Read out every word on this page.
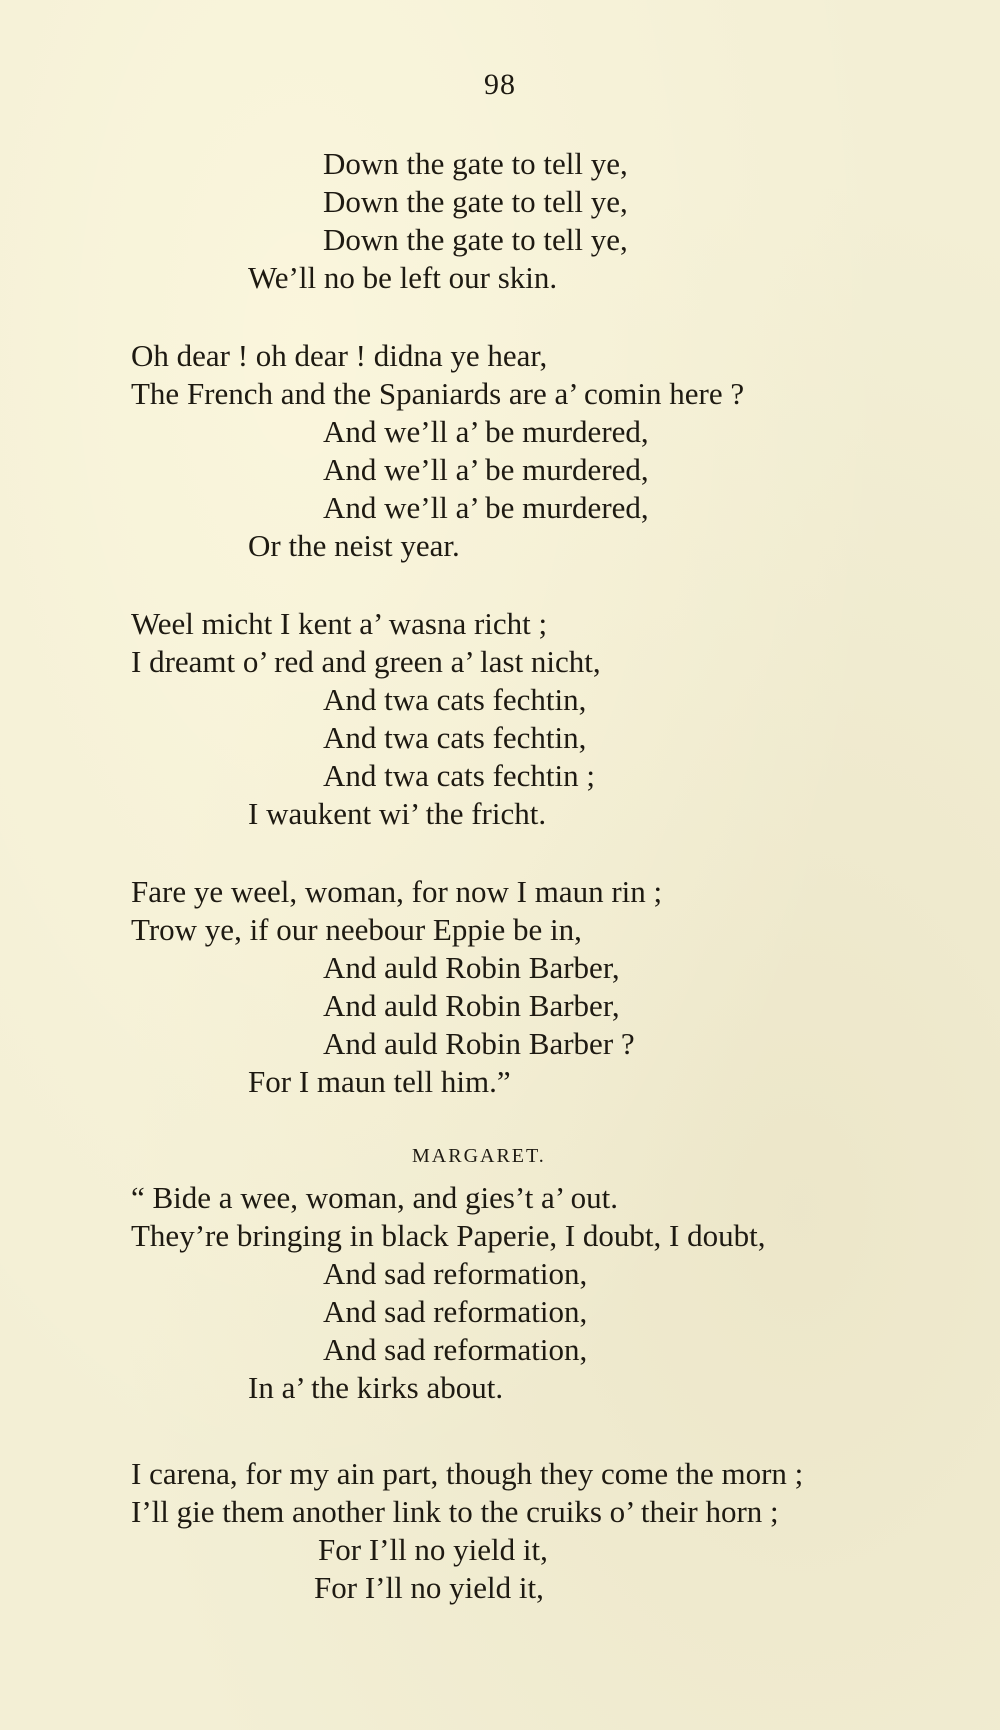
98
Down the gate to tell ye,
Down the gate to tell ye,
Down the gate to tell ye,
We’ll no be left our skin.
Oh dear ! oh dear ! didna ye hear,
The French and the Spaniards are a’ comin here ?
And we’ll a’ be murdered,
And we’ll a’ be murdered,
And we’ll a’ be murdered,
Or the neist year.
Weel micht I kent a’ wasna richt ;
I dreamt o’ red and green a’ last nicht,
And twa cats fechtin,
And twa cats fechtin,
And twa cats fechtin ;
I waukent wi’ the fricht.
Fare ye weel, woman, for now I maun rin ;
Trow ye, if our neebour Eppie be in,
And auld Robin Barber,
And auld Robin Barber,
And auld Robin Barber ?
For I maun tell him.”
MARGARET.
“ Bide a wee, woman, and gies’t a’ out.
They’re bringing in black Paperie, I doubt, I doubt,
And sad reformation,
And sad reformation,
And sad reformation,
In a’ the kirks about.
I carena, for my ain part, though they come the morn ;
I’ll gie them another link to the cruiks o’ their horn ;
For I’ll no yield it,
For I’ll no yield it,
